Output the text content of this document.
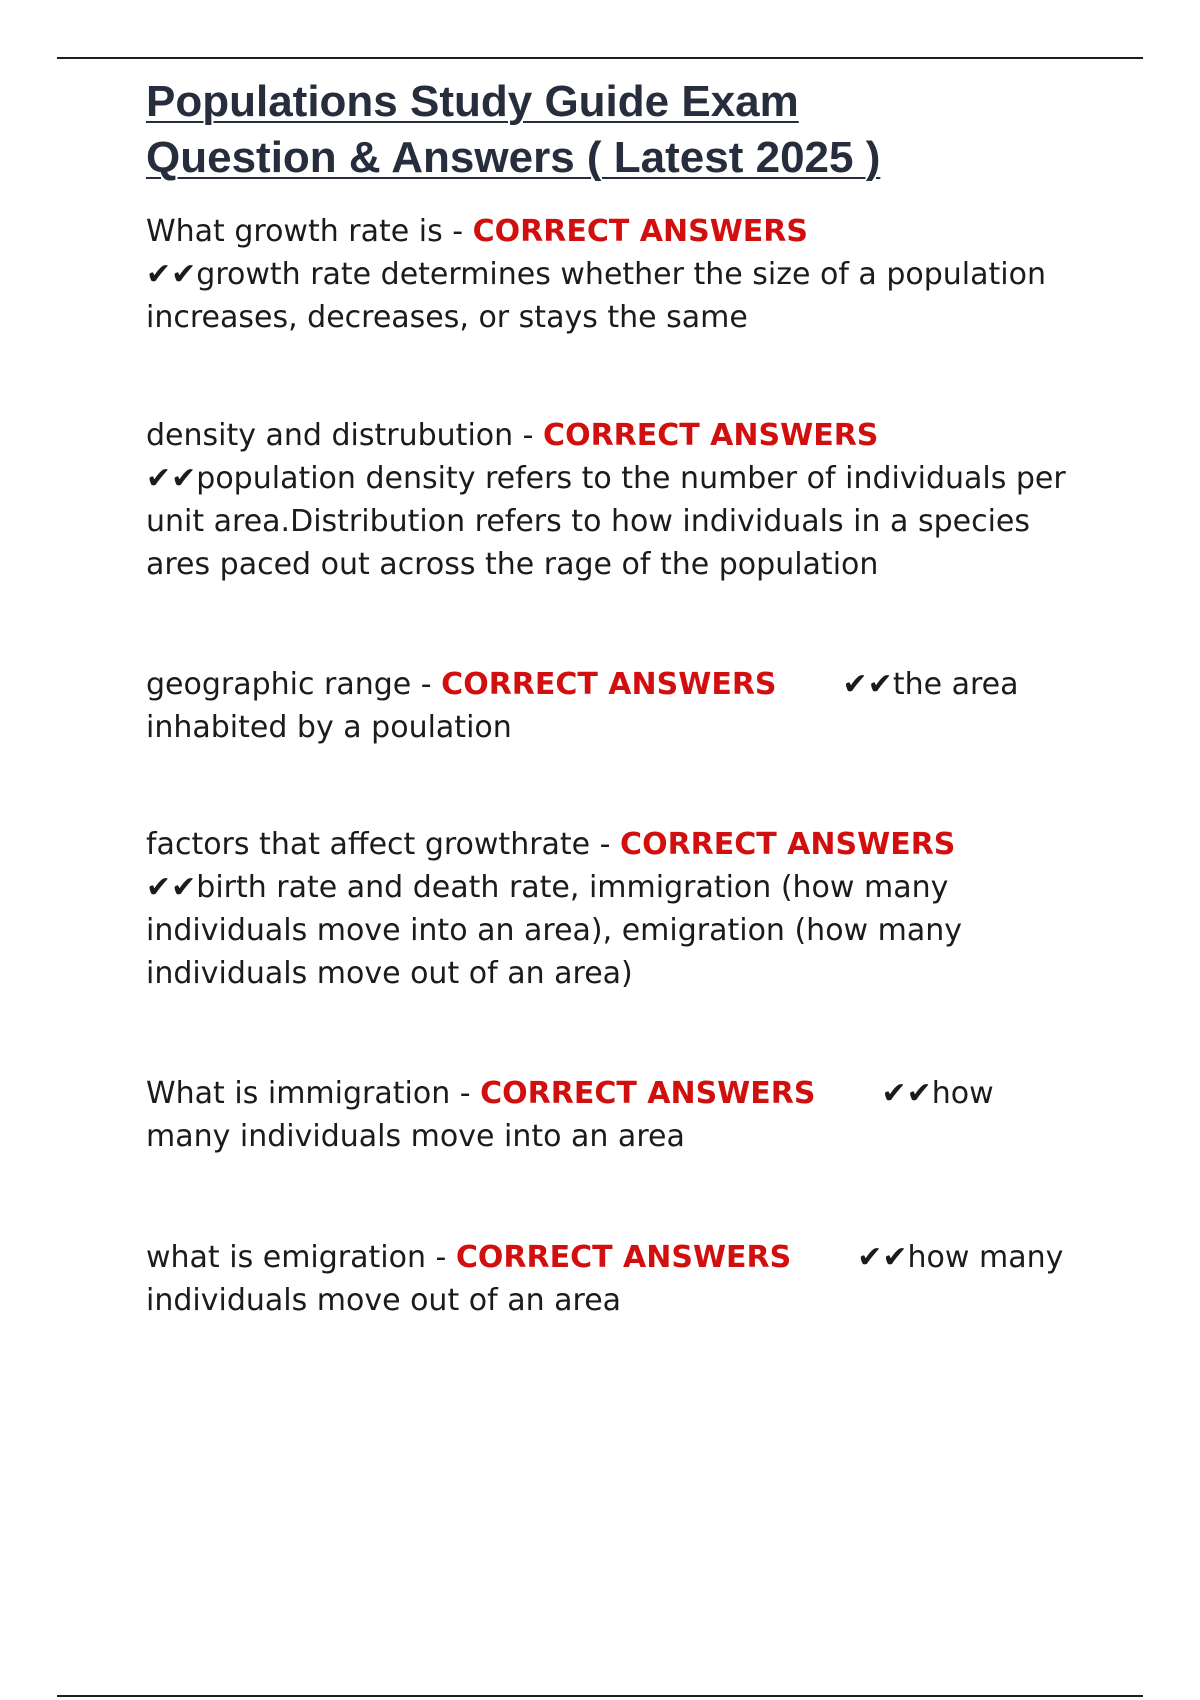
Populations Study Guide Exam
Question & Answers ( Latest 2025 )

What growth rate is - CORRECT ANSWERS
✔✔growth rate determines whether the size of a population increases, decreases, or stays the same

density and distrubution - CORRECT ANSWERS
✔✔population density refers to the number of individuals per unit area.Distribution refers to how individuals in a species ares paced out across the rage of the population

geographic range - CORRECT ANSWERS ✔✔the area inhabited by a poulation

factors that affect growthrate - CORRECT ANSWERS
✔✔birth rate and death rate, immigration (how many individuals move into an area), emigration (how many individuals move out of an area)

What is immigration - CORRECT ANSWERS ✔✔how many individuals move into an area

what is emigration - CORRECT ANSWERS ✔✔how many individuals move out of an area
